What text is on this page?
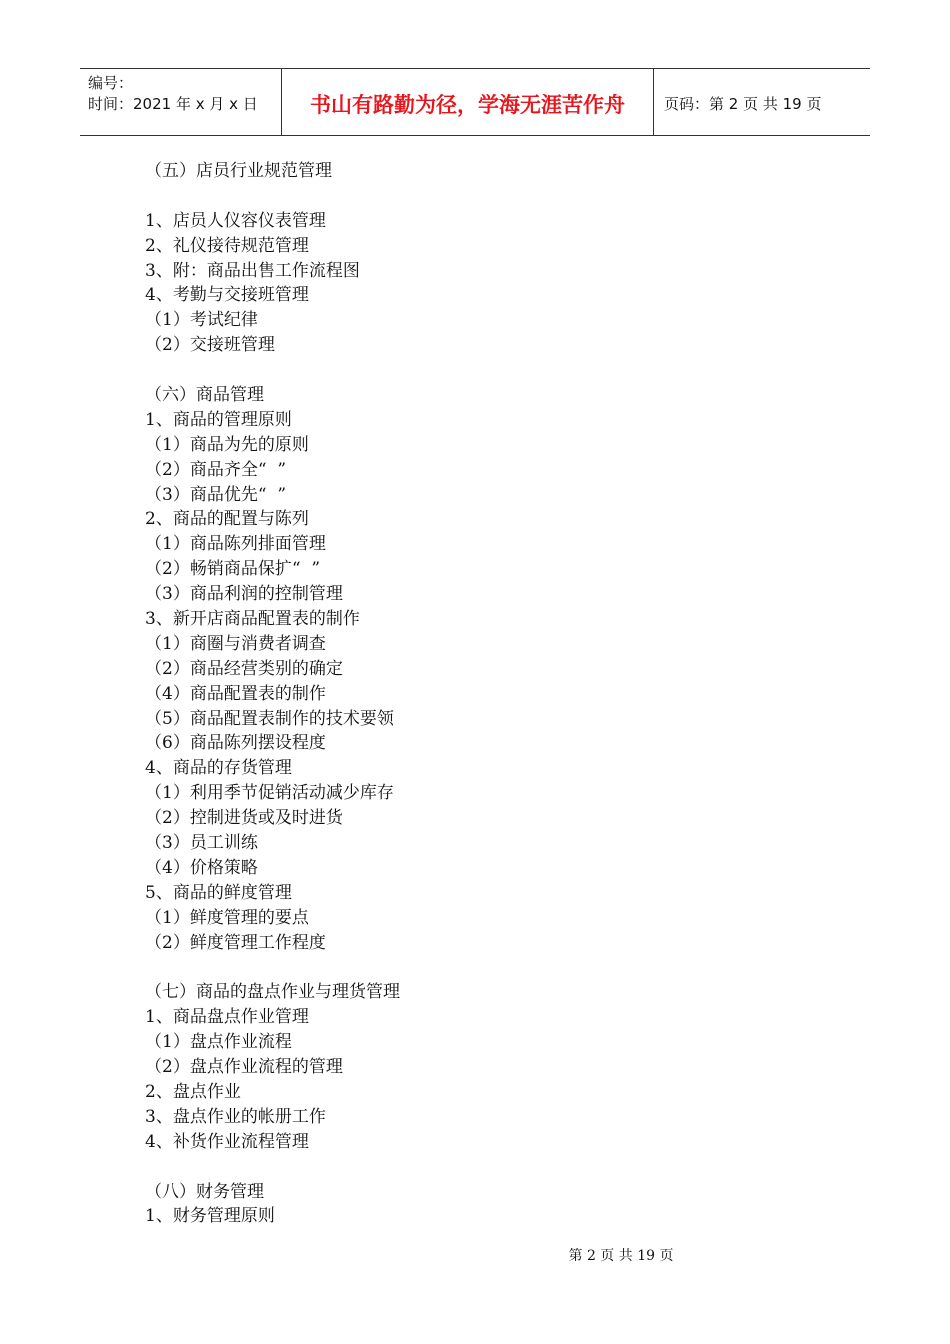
编号：
时间：2021 年 x 月 x 日	书山有路勤为径，学海无涯苦作舟	页码：第 2 页 共 19 页
（五）店员行业规范管理
1、店员人仪容仪表管理
2、礼仪接待规范管理
3、附：商品出售工作流程图
4、考勤与交接班管理
（1）考试纪律
（2）交接班管理
（六）商品管理
1、商品的管理原则
（1）商品为先的原则
（2）商品齐全“  ”
（3）商品优先“  ”
2、商品的配置与陈列
（1）商品陈列排面管理
（2）畅销商品保扩“  ”
（3）商品利润的控制管理
3、新开店商品配置表的制作
（1）商圈与消费者调查
（2）商品经营类别的确定
（4）商品配置表的制作
（5）商品配置表制作的技术要领
（6）商品陈列摆设程度
4、商品的存货管理
（1）利用季节促销活动减少库存
（2）控制进货或及时进货
（3）员工训练
（4）价格策略
5、商品的鲜度管理
（1）鲜度管理的要点
（2）鲜度管理工作程度
（七）商品的盘点作业与理货管理
1、商品盘点作业管理
（1）盘点作业流程
（2）盘点作业流程的管理
2、盘点作业
3、盘点作业的帐册工作
4、补货作业流程管理
（八）财务管理
1、财务管理原则
第 2 页 共 19 页
